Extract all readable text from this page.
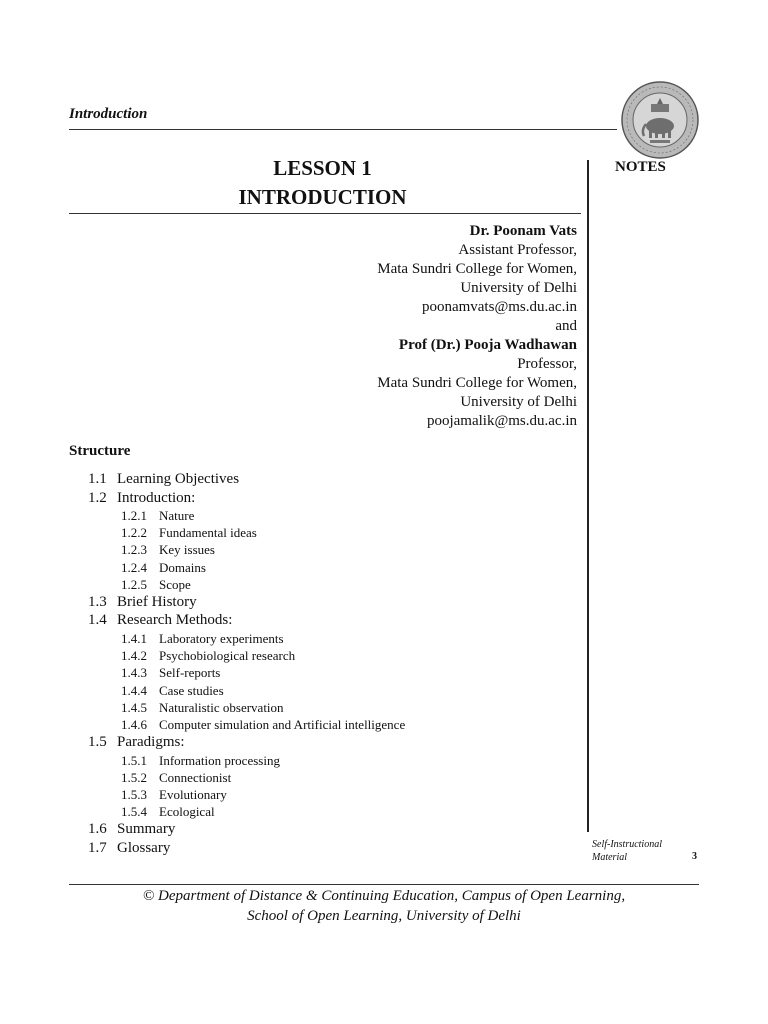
Introduction
NOTES
Self-Instructional
Material	3
LESSON 1
INTRODUCTION
Dr. Poonam Vats
Assistant Professor,
Mata Sundri College for Women,
University of Delhi
poonamvats@ms.du.ac.in
and
Prof (Dr.) Pooja Wadhawan
Professor,
Mata Sundri College for Women,
University of Delhi
poojamalik@ms.du.ac.in
Structure
1.1 Learning Objectives
1.2 Introduction:
1.2.1 Nature
1.2.2 Fundamental ideas
1.2.3 Key issues
1.2.4 Domains
1.2.5 Scope
1.3 Brief History
1.4 Research Methods:
1.4.1 Laboratory experiments
1.4.2 Psychobiological research
1.4.3 Self-reports
1.4.4 Case studies
1.4.5 Naturalistic observation
1.4.6 Computer simulation and Artificial intelligence
1.5 Paradigms:
1.5.1 Information processing
1.5.2 Connectionist
1.5.3 Evolutionary
1.5.4 Ecological
1.6 Summary
1.7 Glossary
© Department of Distance & Continuing Education, Campus of Open Learning,
School of Open Learning, University of Delhi
